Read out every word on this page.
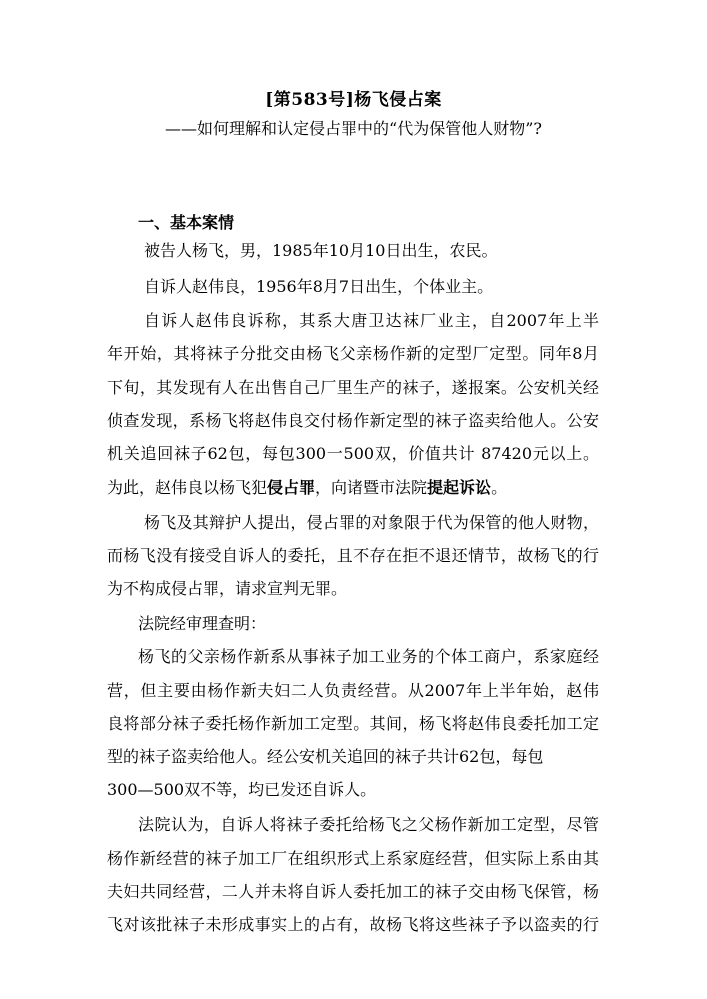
[第583号]杨飞侵占案
——如何理解和认定侵占罪中的“代为保管他人财物”?
一、基本案情
被告人杨飞，男，1985年10月10日出生，农民。
自诉人赵伟良，1956年8月7日出生，个体业主。
自诉人赵伟良诉称，其系大唐卫达袜厂业主，自2007年上半
年开始，其将袜子分批交由杨飞父亲杨作新的定型厂定型。同年8月
下旬，其发现有人在出售自己厂里生产的袜子，遂报案。公安机关经
侦查发现，系杨飞将赵伟良交付杨作新定型的袜子盗卖给他人。公安
机关追回袜子62包，每包300一500双，价值共计 87420元以上。
为此，赵伟良以杨飞犯侵占罪，向诸暨市法院提起诉讼。
杨飞及其辩护人提出，侵占罪的对象限于代为保管的他人财物，
而杨飞没有接受自诉人的委托，且不存在拒不退还情节，故杨飞的行
为不构成侵占罪，请求宣判无罪。
法院经审理查明：
杨飞的父亲杨作新系从事袜子加工业务的个体工商户，系家庭经
营，但主要由杨作新夫妇二人负责经营。从2007年上半年始，赵伟
良将部分袜子委托杨作新加工定型。其间，杨飞将赵伟良委托加工定
型的袜子盗卖给他人。经公安机关追回的袜子共计62包，每包
300—500双不等，均已发还自诉人。
法院认为，自诉人将袜子委托给杨飞之父杨作新加工定型，尽管
杨作新经营的袜子加工厂在组织形式上系家庭经营，但实际上系由其
夫妇共同经营，二人并未将自诉人委托加工的袜子交由杨飞保管，杨
飞对该批袜子未形成事实上的占有，故杨飞将这些袜子予以盗卖的行
